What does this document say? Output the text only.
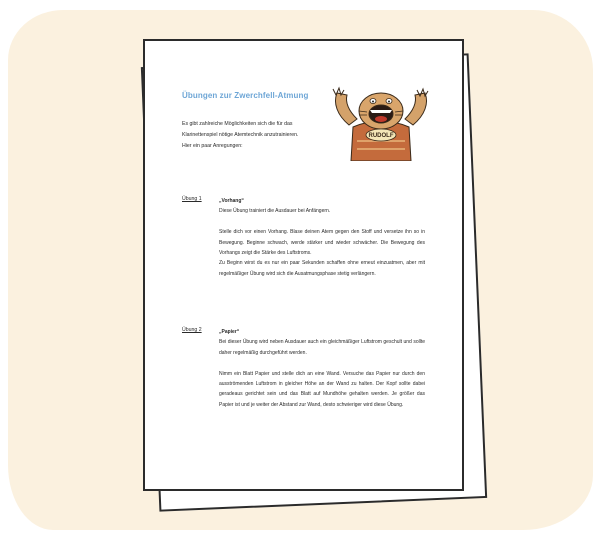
Übungen zur Zwerchfell-Atmung
Es gibt zahlreiche Möglichkeiten sich die für das
Klarinettenspiel nötige Atemtechnik anzutrainieren.
Hier ein paar Anregungen:
RUDOLF
Übung 1	„Vorhang“
Diese Übung trainiert die Ausdauer bei Anfängern.
Stelle dich vor einen Vorhang. Blase deinen Atem gegen den Stoff und versetze ihn so in Bewegung. Beginne schwach, werde stärker und wieder schwächer. Die Bewegung des Vorhangs zeigt die Stärke des Luftstroms.
Zu Beginn wirst du es nur ein paar Sekunden schaffen ohne erneut einzuatmen, aber mit regelmäßiger Übung wird sich die Ausatmungsphase stetig verlängern.
Übung 2	„Papier“
Bei dieser Übung wird neben Ausdauer auch ein gleichmäßiger Luftstrom geschult und sollte daher regelmäßig durchgeführt werden.
Nimm ein Blatt Papier und stelle dich an eine Wand. Versuche das Papier nur durch den ausströmenden Luftstrom in gleicher Höhe an der Wand zu halten. Der Kopf sollte dabei geradeaus gerichtet sein und das Blatt auf Mundhöhe gehalten werden. Je größer das Papier ist und je weiter der Abstand zur Wand, desto schwieriger wird diese Übung.
